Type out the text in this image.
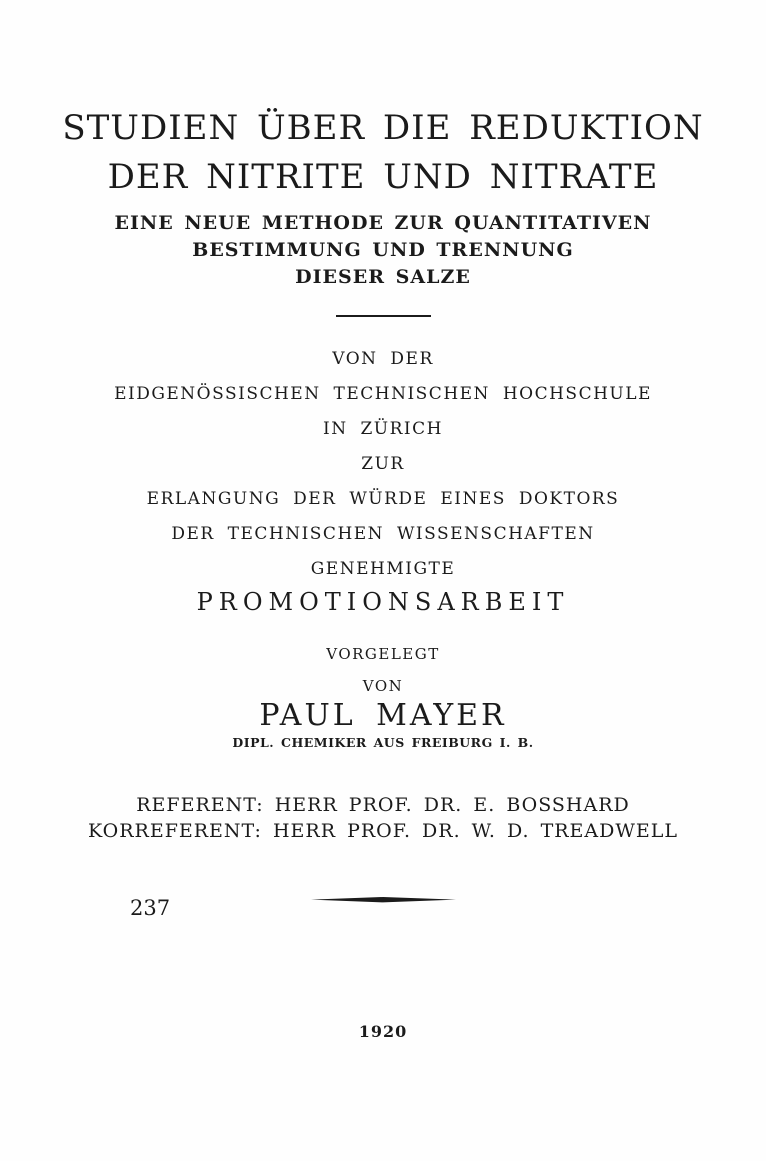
STUDIEN ÜBER DIE REDUKTION
DER NITRITE UND NITRATE
EINE NEUE METHODE ZUR QUANTITATIVEN
BESTIMMUNG UND TRENNUNG
DIESER SALZE
VON DER
EIDGENÖSSISCHEN TECHNISCHEN HOCHSCHULE
IN ZÜRICH
ZUR
ERLANGUNG DER WÜRDE EINES DOKTORS
DER TECHNISCHEN WISSENSCHAFTEN
GENEHMIGTE
PROMOTIONSARBEIT
VORGELEGT
VON
PAUL MAYER
DIPL. CHEMIKER AUS FREIBURG I. B.
REFERENT: HERR PROF. DR. E. BOSSHARD
KORREFERENT: HERR PROF. DR. W. D. TREADWELL
237
1920
